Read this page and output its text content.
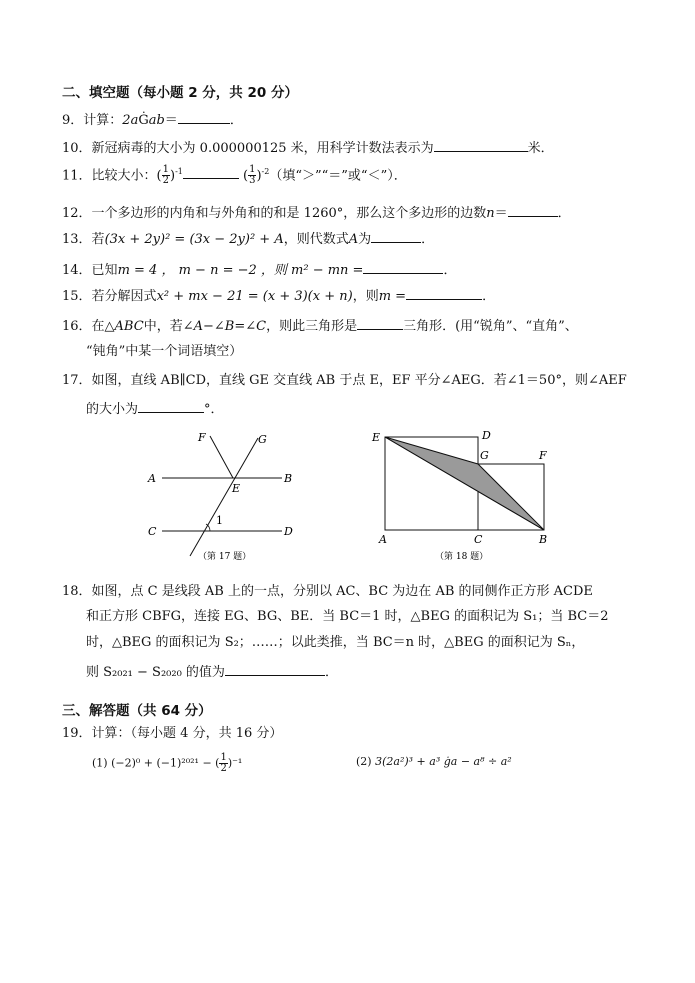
二、填空题（每小题 2 分，共 20 分）
9．计算：2aĠab＝	．
10．新冠病毒的大小为 0.000000125 米，用科学计数法表示为	米．
11．比较大小：( $\frac{1}{2} )^{-1}$	( $\frac{1}{3} )^{-2}$（填“＞”“＝”或“＜”）．
12．一个多边形的内角和与外角和的和是 1260°，那么这个多边形的边数n＝	．
13．若(3x + 2y)² = (3x − 2y)² + A，则代数式A为	．
14．已知m = 4 ， m − n = −2 ，则 m² − mn =	．
15．若分解因式x² + mx − 21 = (x + 3)(x + n)，则m =	．
16．在△ABC中，若∠A−∠B=∠C，则此三角形是	三角形．(用“锐角”、“直角”、
“钝角”中某一个词语填空）
17．如图，直线 AB∥CD，直线 GE 交直线 AB 于点 E，EF 平分∠AEG．若∠1＝50°，则∠AEF
的大小为	°．
F	G
A	B
E
C	D
1
（第 17 题）
E	D
G	F
A	C	B
（第 18 题）
18．如图，点 C 是线段 AB 上的一点，分别以 AC、BC 为边在 AB 的同侧作正方形 ACDE
和正方形 CBFG，连接 EG、BG、BE．当 BC＝1 时，△BEG 的面积记为 S₁；当 BC＝2
时，△BEG 的面积记为 S₂；……；以此类推，当 BC＝n 时，△BEG 的面积记为 Sₙ，
则 S₂₀₂₁ − S₂₀₂₀ 的值为	．
三、解答题（共 64 分）
19．计算：（每小题 4 分，共 16 分）
(1) (−2)⁰ + (−1)²⁰²¹ − ( $\frac{1}{2} )^{-1}$	(2) 3(2a²)³ + a³ ġa − a⁸ ÷ a²
